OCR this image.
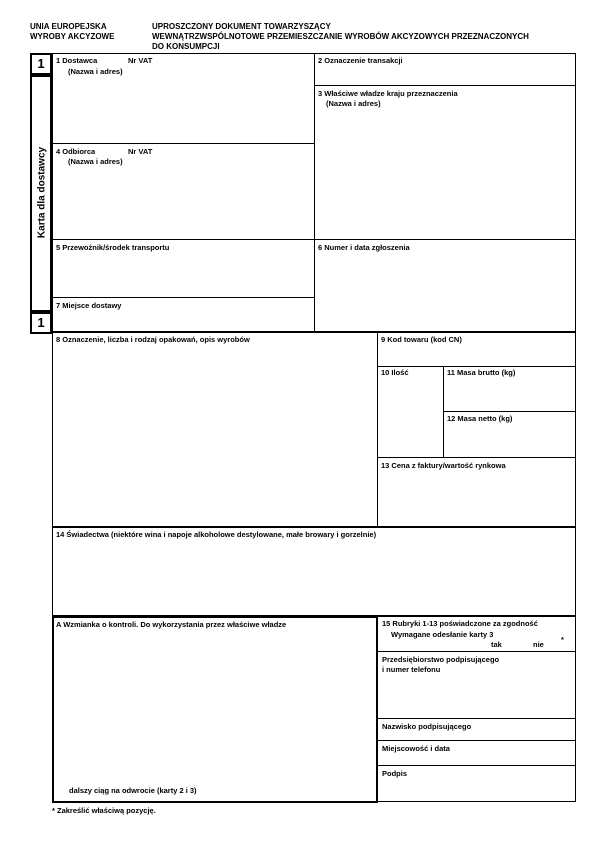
UNIA EUROPEJSKA
WYROBY AKCYZOWE
UPROSZCZONY DOKUMENT TOWARZYSZĄCY
WEWNĄTRZWSPÓLNOTOWE PRZEMIESZCZANIE WYROBÓW AKCYZOWYCH PRZEZNACZONYCH
DO KONSUMPCJI
1
Karta dla dostawcy
1
1 Dostawca	Nr VAT
(Nazwa i adres)
2 Oznaczenie transakcji
3 Właściwe władze kraju przeznaczenia
(Nazwa i adres)
4 Odbiorca	Nr VAT
(Nazwa i adres)
5 Przewoźnik/środek transportu	6 Numer i data zgłoszenia
7 Miejsce dostawy
8 Oznaczenie, liczba i rodzaj opakowań, opis wyrobów	9 Kod towaru (kod CN)
10 Ilość	11 Masa brutto (kg)
12 Masa netto (kg)
13 Cena z faktury/wartość rynkowa
14 Świadectwa (niektóre wina i napoje alkoholowe destylowane, małe browary i gorzelnie)
A Wzmianka o kontroli. Do wykorzystania przez właściwe władze
dalszy ciąg na odwrocie (karty 2 i 3)
15 Rubryki 1-13 poświadczone za zgodność
Wymagane odesłanie karty 3
tak	nie
*
Przedsiębiorstwo podpisującego
i numer telefonu
Nazwisko podpisującego
Miejscowość i data
Podpis
* Zakreślić właściwą pozycję.
